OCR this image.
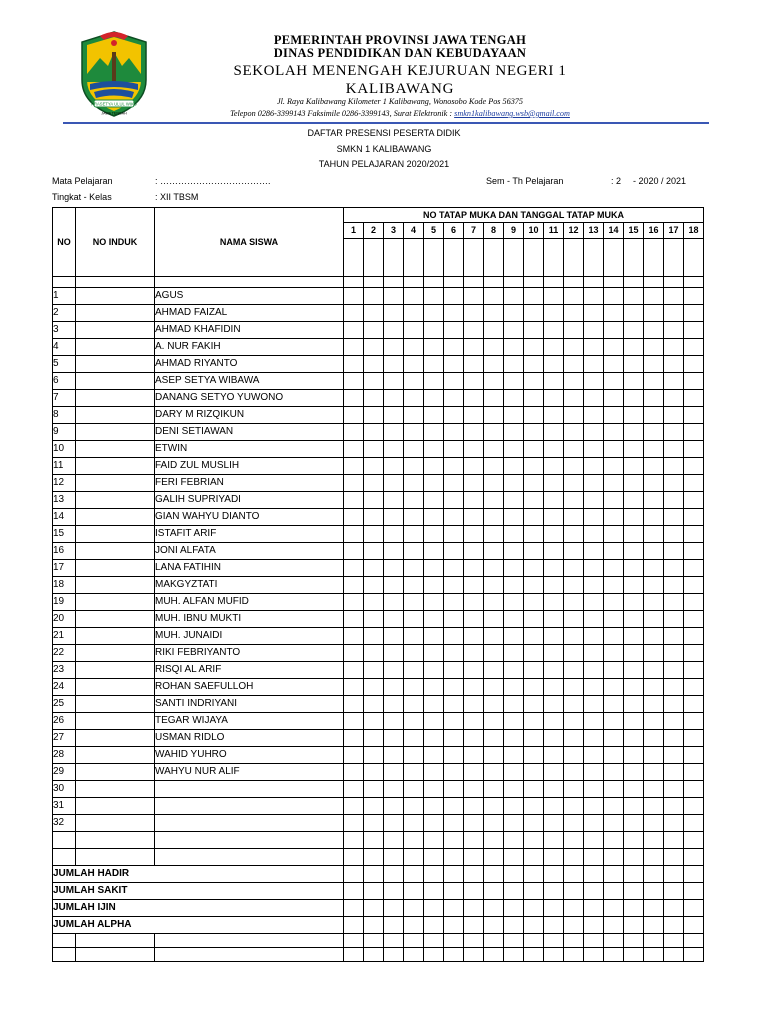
PRASETYA ULUL WIKU
JAWA TENGAH
PEMERINTAH PROVINSI JAWA TENGAH
DINAS PENDIDIKAN DAN KEBUDAYAAN
SEKOLAH MENENGAH KEJURUAN NEGERI 1
KALIBAWANG
Jl. Raya Kalibawang Kilometer 1 Kalibawang, Wonosobo Kode Pos 56375
Telepon 0286-3399143 Faksimile 0286-3399143, Surat Elektronik : smkn1kalibawang.wsb@gmail.com
DAFTAR PRESENSI PESERTA DIDIK
SMKN 1 KALIBAWANG
TAHUN PELAJARAN 2020/2021
Mata Pelajaran	: ……………………………….	Sem - Th Pelajaran	: 2 - 2020 / 2021
Tingkat - Kelas	: XII TBSM
NO	NO INDUK	NAMA SISWA	NO TATAP MUKA DAN TANGGAL TATAP MUKA																	
			1	2	3	4	5	6	7	8	9	10	11	12	13	14	15	16	17	18

1		AGUS																		
2		AHMAD FAIZAL																		
3		AHMAD KHAFIDIN																		
4		A. NUR FAKIH																		
5		AHMAD RIYANTO																		
6		ASEP SETYA WIBAWA																		
7		DANANG SETYO YUWONO																		
8		DARY M RIZQIKUN																		
9		DENI SETIAWAN																		
10		ETWIN																		
11		FAID ZUL MUSLIH																		
12		FERI FEBRIAN																		
13		GALIH SUPRIYADI																		
14		GIAN WAHYU DIANTO																		
15		ISTAFIT ARIF																		
16		JONI ALFATA																		
17		LANA FATIHIN																		
18		MAKGYZTATI																		
19		MUH. ALFAN MUFID																		
20		MUH. IBNU MUKTI																		
21		MUH. JUNAIDI																		
22		RIKI FEBRIYANTO																		
23		RISQI AL ARIF																		
24		ROHAN SAEFULLOH																		
25		SANTI INDRIYANI																		
26		TEGAR WIJAYA																		
27		USMAN RIDLO																		
28		WAHID YUHRO																		
29		WAHYU NUR ALIF																		
30																				
31																				
32																				

JUMLAH HADIR																				
JUMLAH SAKIT																				
JUMLAH IJIN																				
JUMLAH ALPHA																				
